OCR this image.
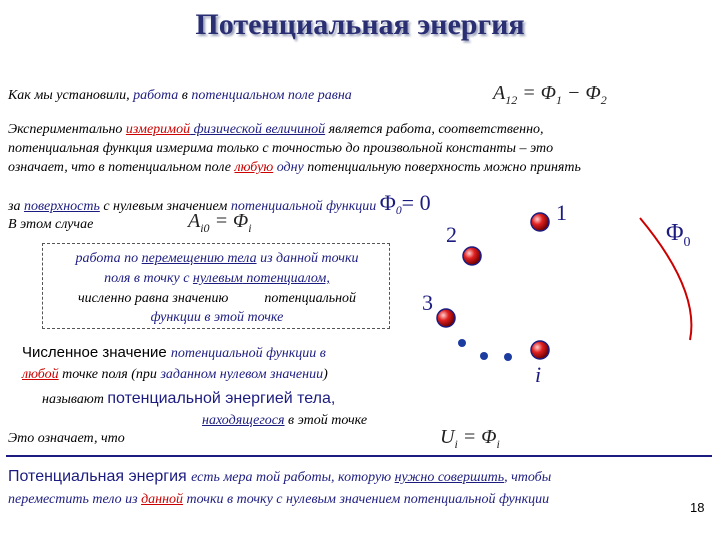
Потенциальная энергия
Как мы установили, работа в потенциальном поле равна	$A_{12} = \Phi_1 - \Phi_2$
Экспериментально измеримой физической величиной является работа, соответственно,
потенциальная функция измерима только с точностью до произвольной константы – это
означает, что в потенциальном поле любую одну потенциальную поверхность можно принять
за поверхность с нулевым значением потенциальной функции $\Phi_0= 0$
В этом случае	$A_{i0} = \Phi_i$
работа по перемещению тела из данной точки
поля в точку с нулевым потенциалом,
численно равна значению	потенциальной
функции в этой точке
Численное значение потенциальной функции в
любой точке поля (при заданном нулевом значении)
называют потенциальной энергией тела,
находящегося в этой точке
Это означает, что	$U_i = \Phi_i$
Потенциальная энергия есть мера той работы, которую нужно совершить, чтобы
переместить тело из данной точки в точку с нулевым значением потенциальной функции
18
1
2
3
i
$\Phi_0$
